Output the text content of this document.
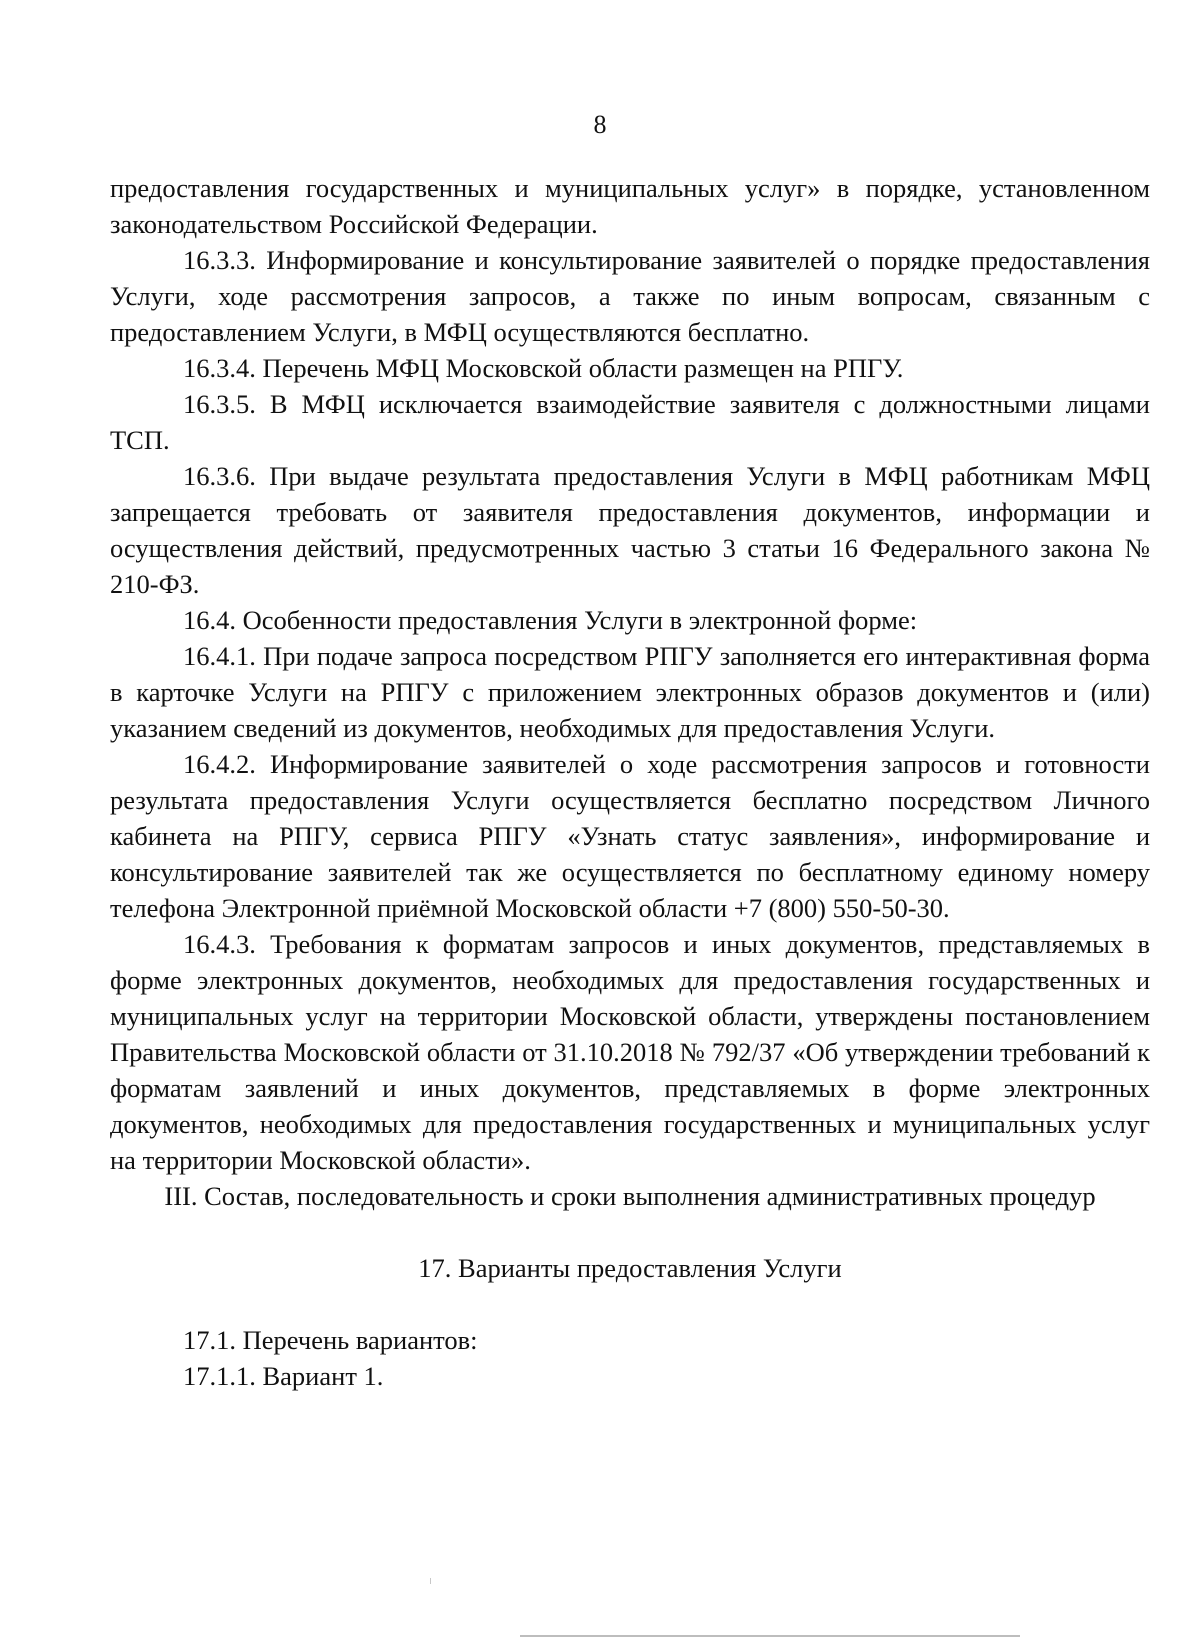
8

предоставления государственных и муниципальных услуг» в порядке, установленном законодательством Российской Федерации.

16.3.3. Информирование и консультирование заявителей о порядке предоставления Услуги, ходе рассмотрения запросов, а также по иным вопросам, связанным с предоставлением Услуги, в МФЦ осуществляются бесплатно.

16.3.4. Перечень МФЦ Московской области размещен на РПГУ.

16.3.5. В МФЦ исключается взаимодействие заявителя с должностными лицами ТСП.

16.3.6. При выдаче результата предоставления Услуги в МФЦ работникам МФЦ запрещается требовать от заявителя предоставления документов, информации и осуществления действий, предусмотренных частью 3 статьи 16 Федерального закона № 210-ФЗ.

16.4. Особенности предоставления Услуги в электронной форме:

16.4.1. При подаче запроса посредством РПГУ заполняется его интерактивная форма в карточке Услуги на РПГУ с приложением электронных образов документов и (или) указанием сведений из документов, необходимых для предоставления Услуги.

16.4.2. Информирование заявителей о ходе рассмотрения запросов и готовности результата предоставления Услуги осуществляется бесплатно посредством Личного кабинета на РПГУ, сервиса РПГУ «Узнать статус заявления», информирование и консультирование заявителей так же осуществляется по бесплатному единому номеру телефона Электронной приёмной Московской области +7 (800) 550-50-30.

16.4.3. Требования к форматам запросов и иных документов, представляемых в форме электронных документов, необходимых для предоставления государственных и муниципальных услуг на территории Московской области, утверждены постановлением Правительства Московской области от 31.10.2018 № 792/37 «Об утверждении требований к форматам заявлений и иных документов, представляемых в форме электронных документов, необходимых для предоставления государственных и муниципальных услуг на территории Московской области».

III. Состав, последовательность и сроки выполнения административных процедур

17. Варианты предоставления Услуги

17.1. Перечень вариантов:

17.1.1. Вариант 1.
